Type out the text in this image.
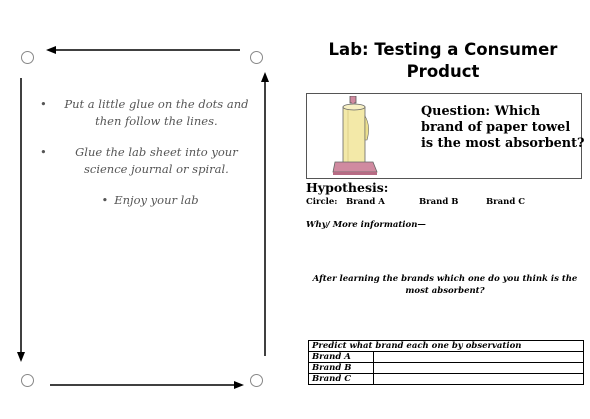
•	Put a little glue on the dots and then follow the lines.
•	Glue the lab sheet into your science journal or spiral.
• Enjoy your lab
Lab: Testing a Consumer Product
Question: Which brand of paper towel is the most absorbent?
Hypothesis:
Circle: Brand A	Brand B	Brand C
Why/ More information—
After learning the brands which one do you think is the most absorbent?
Predict what brand each one by observation	
Brand A	
Brand B	
Brand C	
